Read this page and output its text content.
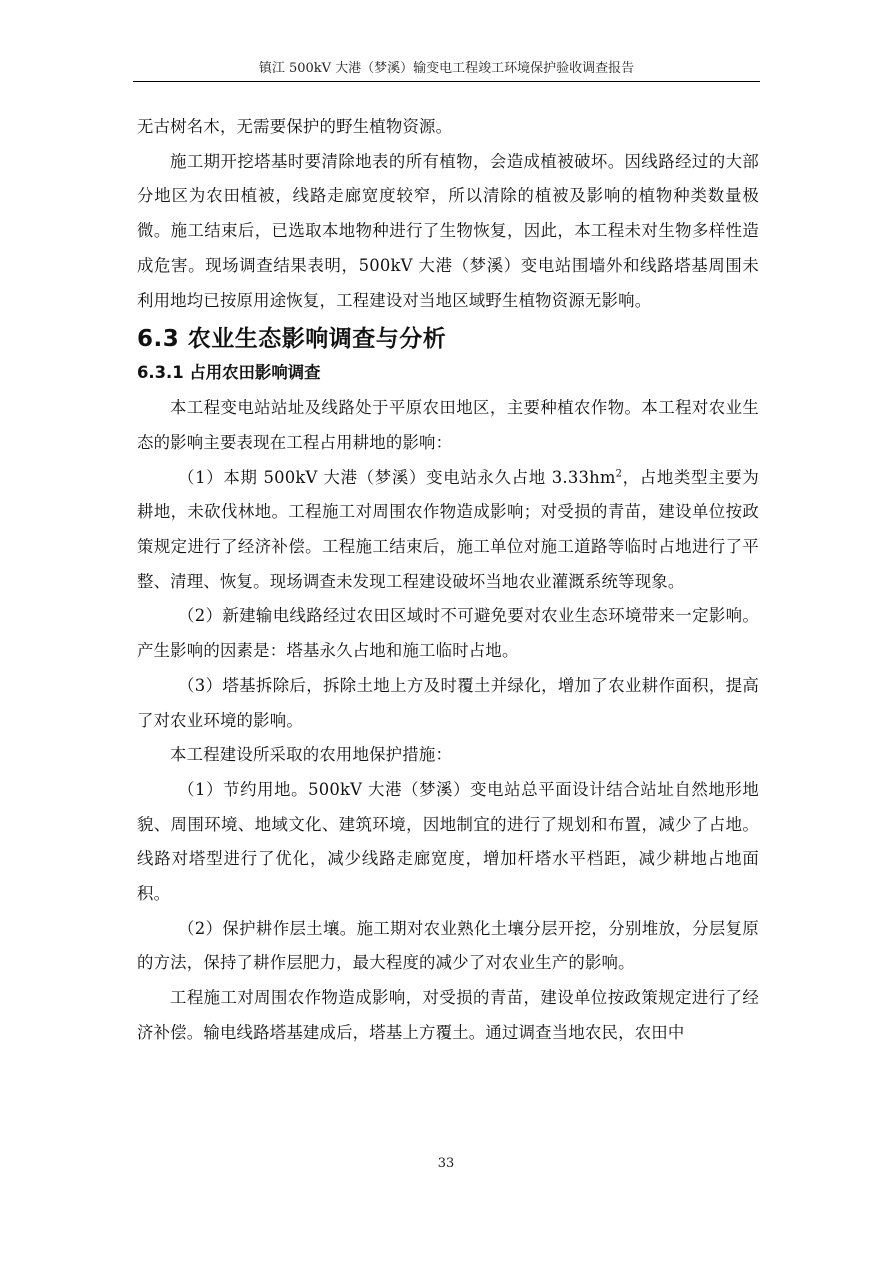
镇江 500kV 大港（梦溪）输变电工程竣工环境保护验收调查报告

无古树名木，无需要保护的野生植物资源。

施工期开挖塔基时要清除地表的所有植物，会造成植被破坏。因线路经过的大部分地区为农田植被，线路走廊宽度较窄，所以清除的植被及影响的植物种类数量极微。施工结束后，已选取本地物种进行了生物恢复，因此，本工程未对生物多样性造成危害。现场调查结果表明，500kV 大港（梦溪）变电站围墙外和线路塔基周围未利用地均已按原用途恢复，工程建设对当地区域野生植物资源无影响。

6.3 农业生态影响调查与分析
6.3.1 占用农田影响调查

本工程变电站站址及线路处于平原农田地区，主要种植农作物。本工程对农业生态的影响主要表现在工程占用耕地的影响：

（1）本期 500kV 大港（梦溪）变电站永久占地 $3.33hm^2$，占地类型主要为耕地，未砍伐林地。工程施工对周围农作物造成影响；对受损的青苗，建设单位按政策规定进行了经济补偿。工程施工结束后，施工单位对施工道路等临时占地进行了平整、清理、恢复。现场调查未发现工程建设破坏当地农业灌溉系统等现象。

（2）新建输电线路经过农田区域时不可避免要对农业生态环境带来一定影响。产生影响的因素是：塔基永久占地和施工临时占地。

（3）塔基拆除后，拆除土地上方及时覆土并绿化，增加了农业耕作面积，提高了对农业环境的影响。

本工程建设所采取的农用地保护措施：

（1）节约用地。500kV 大港（梦溪）变电站总平面设计结合站址自然地形地貌、周围环境、地域文化、建筑环境，因地制宜的进行了规划和布置，减少了占地。线路对塔型进行了优化，减少线路走廊宽度，增加杆塔水平档距，减少耕地占地面积。

（2）保护耕作层土壤。施工期对农业熟化土壤分层开挖，分别堆放，分层复原的方法，保持了耕作层肥力，最大程度的减少了对农业生产的影响。

工程施工对周围农作物造成影响，对受损的青苗，建设单位按政策规定进行了经济补偿。输电线路塔基建成后，塔基上方覆土。通过调查当地农民，农田中

33
